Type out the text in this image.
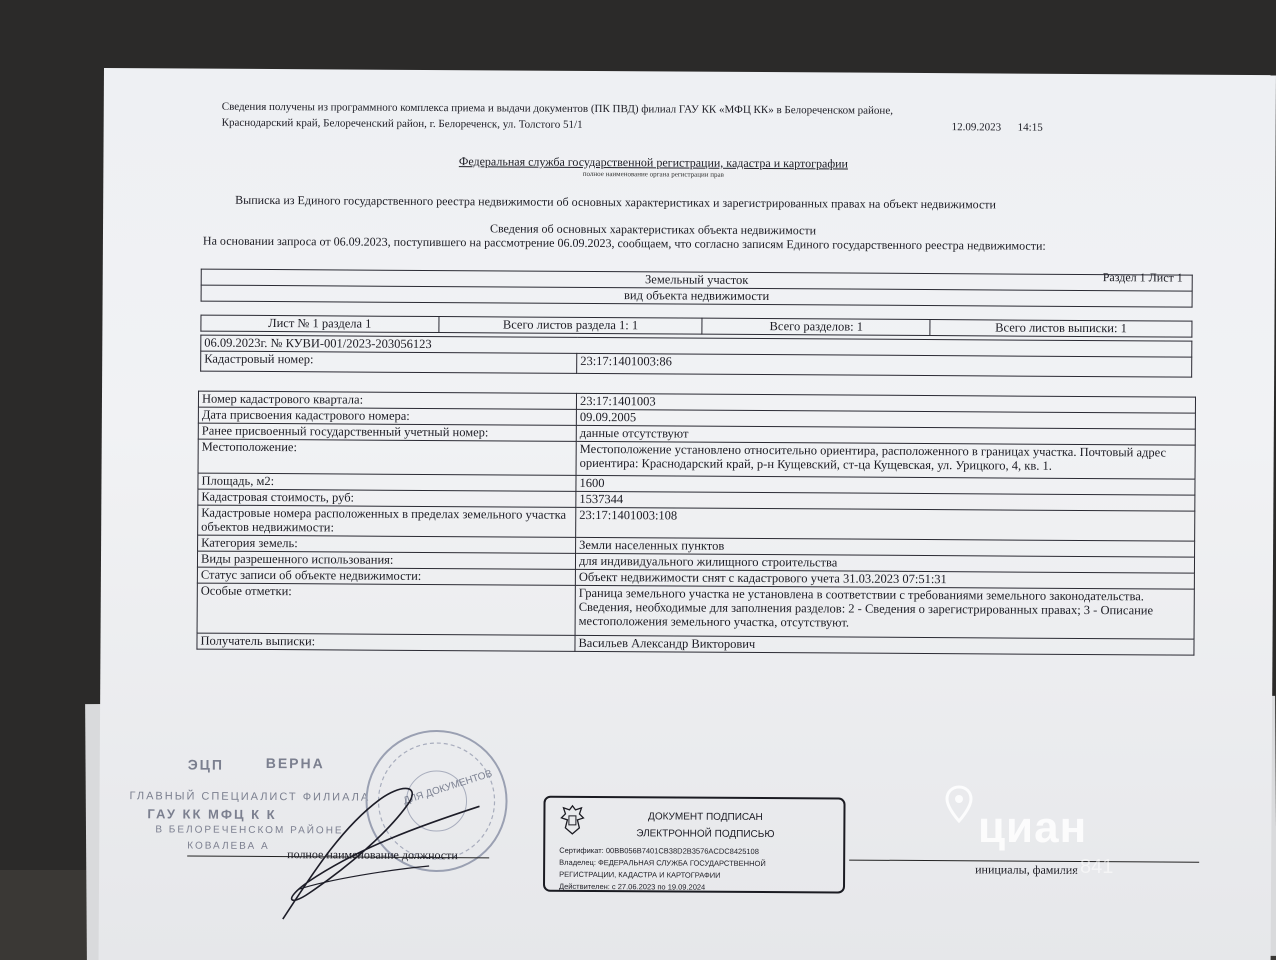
Сведения получены из программного комплекса приема и выдачи документов (ПК ПВД) филиал ГАУ КК «МФЦ КК» в Белореченском районе,
Краснодарский край, Белореченский район, г. Белореченск, ул. Толстого 51/1	12.09.2023 14:15
Федеральная служба государственной регистрации, кадастра и картографии
полное наименование органа регистрации прав
Выписка из Единого государственного реестра недвижимости об основных характеристиках и зарегистрированных правах на объект недвижимости
Сведения об основных характеристиках объекта недвижимости
На основании запроса от 06.09.2023, поступившего на рассмотрение 06.09.2023, сообщаем, что согласно записям Единого государственного реестра недвижимости:
Раздел 1 Лист 1
Земельный участок
вид объекта недвижимости
Лист № 1 раздела 1	Всего листов раздела 1: 1	Всего разделов: 1	Всего листов выписки: 1
06.09.2023г. № КУВИ-001/2023-203056123
Кадастровый номер:	23:17:1401003:86
Номер кадастрового квартала:	23:17:1401003
Дата присвоения кадастрового номера:	09.09.2005
Ранее присвоенный государственный учетный номер:	данные отсутствуют
Местоположение:	Местоположение установлено относительно ориентира, расположенного в границах участка. Почтовый адрес ориентира: Краснодарский край, р-н Кущевский, ст-ца Кущевская, ул. Урицкого, 4, кв. 1.
Площадь, м2:	1600
Кадастровая стоимость, руб:	1537344
Кадастровые номера расположенных в пределах земельного участка объектов недвижимости:	23:17:1401003:108
Категория земель:	Земли населенных пунктов
Виды разрешенного использования:	для индивидуального жилищного строительства
Статус записи об объекте недвижимости:	Объект недвижимости снят с кадастрового учета 31.03.2023 07:51:31
Особые отметки:	Граница земельного участка не установлена в соответствии с требованиями земельного законодательства. Сведения, необходимые для заполнения разделов: 2 - Сведения о зарегистрированных правах; 3 - Описание местоположения земельного участка, отсутствуют.
Получатель выписки:	Васильев Александр Викторович
ЭЦП	ВЕРНА
ГЛАВНЫЙ СПЕЦИАЛИСТ ФИЛИАЛА
ГАУ КК МФЦ К К
В БЕЛОРЕЧЕНСКОМ РАЙОНЕ
КОВАЛЕВА А
ДЛЯ ДОКУМЕНТОВ
полное наименование должности
инициалы, фамилия
ДОКУМЕНТ ПОДПИСАН
ЭЛЕКТРОННОЙ ПОДПИСЬЮ
Сертификат: 00BB056B7401CB38D2B3576ACDC8425108
Владелец: ФЕДЕРАЛЬНАЯ СЛУЖБА ГОСУДАРСТВЕННОЙ
РЕГИСТРАЦИИ, КАДАСТРА И КАРТОГРАФИИ
Действителен: с 27.06.2023 по 19.09.2024
циан
…841
